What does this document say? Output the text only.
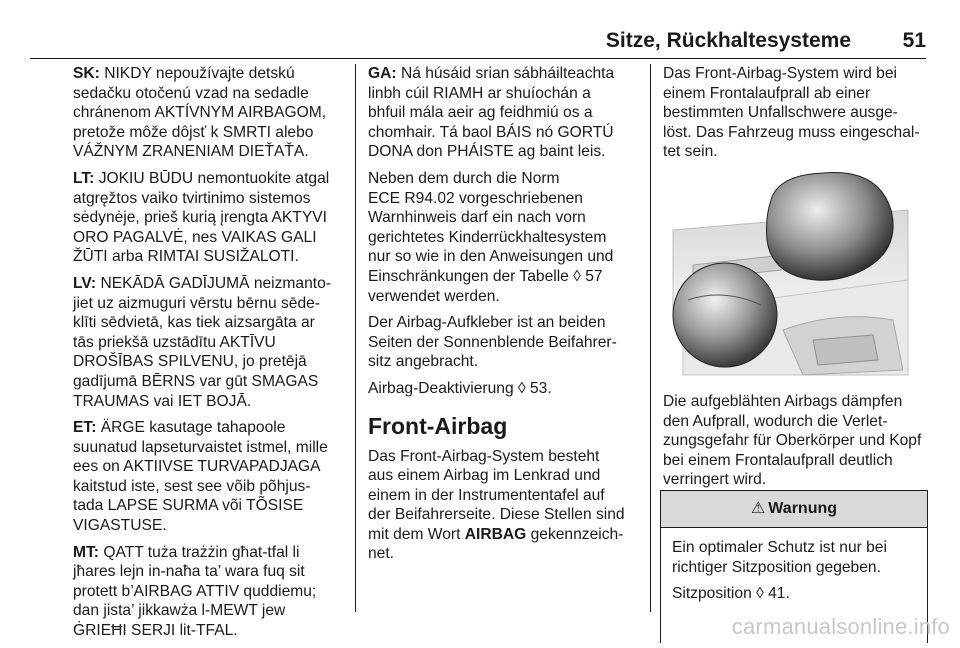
Sitze, Rückhaltesysteme 51

SK: NIKDY nepoužívajte detskú
sedačku otočenú vzad na sedadle
chránenom AKTÍVNYM AIRBAGOM,
pretože môže dôjsť k SMRTI alebo
VÁŽNYM ZRANENIAM DIEŤAŤA.

LT: JOKIU BŪDU nemontuokite atgal
atgręžtos vaiko tvirtinimo sistemos
sėdynėje, prieš kurią įrengta AKTYVI
ORO PAGALVĖ, nes VAIKAS GALI
ŽŪTI arba RIMTAI SUSIŽALOTI.

LV: NEKĀDĀ GADĪJUMĀ neizmanto-
jiet uz aizmuguri vērstu bērnu sēde-
klīti sēdvietā, kas tiek aizsargāta ar
tās priekšā uzstādītu AKTĪVU
DROŠĪBAS SPILVENU, jo pretējā
gadījumā BĒRNS var gūt SMAGAS
TRAUMAS vai IET BOJĀ.

ET: ÄRGE kasutage tahapoole
suunatud lapseturvaistet istmel, mille
ees on AKTIIVSE TURVAPADJAGA
kaitstud iste, sest see võib põhjus-
tada LAPSE SURMA või TÕSISE
VIGASTUSE.

MT: QATT tuża trażżin għat-tfal li
jħares lejn in-naħa ta’ wara fuq sit
protett b’AIRBAG ATTIV quddiemu;
dan jista’ jikkawża l-MEWT jew
ĠRIEĦI SERJI lit-TFAL.

GA: Ná húsáid srian sábháilteachta
linbh cúil RIAMH ar shuíochán a
bhfuil mála aeir ag feidhmiú os a
chomhair. Tá baol BÁIS nó GORTÚ
DONA don PHÁISTE ag baint leis.

Neben dem durch die Norm
ECE R94.02 vorgeschriebenen
Warnhinweis darf ein nach vorn
gerichtetes Kinderrückhaltesystem
nur so wie in den Anweisungen und
Einschränkungen der Tabelle ◊ 57
verwendet werden.

Der Airbag-Aufkleber ist an beiden
Seiten der Sonnenblende Beifahrer-
sitz angebracht.

Airbag-Deaktivierung ◊ 53.

Front-Airbag

Das Front-Airbag-System besteht
aus einem Airbag im Lenkrad und
einem in der Instrumententafel auf
der Beifahrerseite. Diese Stellen sind
mit dem Wort AIRBAG gekennzeich-
net.

Das Front-Airbag-System wird bei
einem Frontalaufprall ab einer
bestimmten Unfallschwere ausge-
löst. Das Fahrzeug muss eingeschal-
tet sein.

Die aufgeblähten Airbags dämpfen
den Aufprall, wodurch die Verlet-
zungsgefahr für Oberkörper und Kopf
bei einem Frontalaufprall deutlich
verringert wird.

⚠ Warnung

Ein optimaler Schutz ist nur bei
richtiger Sitzposition gegeben.

Sitzposition ◊ 41.

carmanualsonline.info
